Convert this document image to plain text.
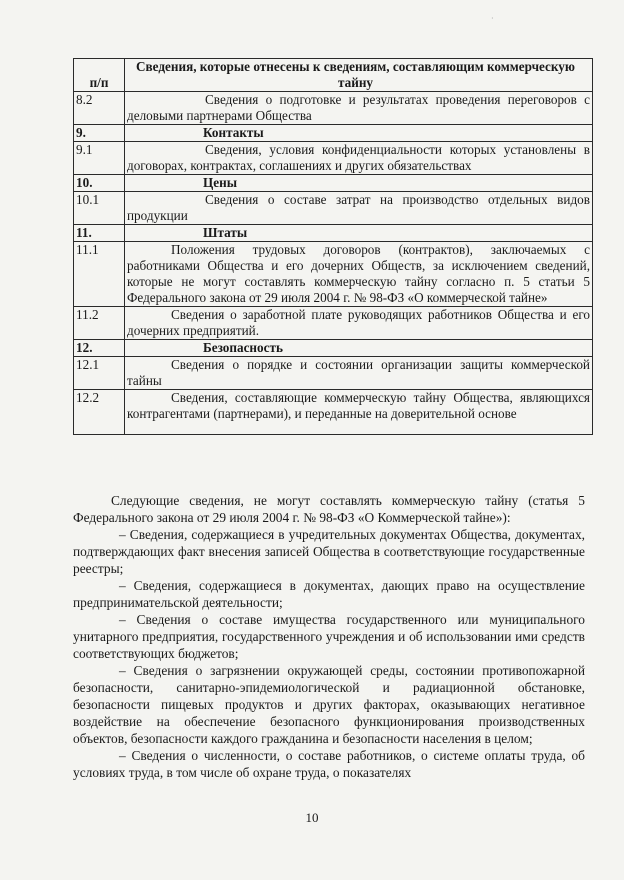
·
п/п	Сведения, которые отнесены к сведениям, составляющим коммерческую тайну
8.2	Сведения о подготовке и результатах проведения переговоров с деловыми партнерами Общества
9.	Контакты
9.1	Сведения, условия конфиденциальности которых установлены в договорах, контрактах, соглашениях и других обязательствах
10.	Цены
10.1	Сведения о составе затрат на производство отдельных видов продукции
11.	Штаты
11.1	Положения трудовых договоров (контрактов), заключаемых с работниками Общества и его дочерних Обществ, за исключением сведений, которые не могут составлять коммерческую тайну согласно п. 5 статьи 5 Федерального закона от 29 июля 2004 г. № 98-ФЗ «О коммерческой тайне»
11.2	Сведения о заработной плате руководящих работников Общества и его дочерних предприятий.
12.	Безопасность
12.1	Сведения о порядке и состоянии организации защиты коммерческой тайны
12.2	Сведения, составляющие коммерческую тайну Общества, являющихся контрагентами (партнерами), и переданные на доверительной основе

Следующие сведения, не могут составлять коммерческую тайну (статья 5 Федерального закона от 29 июля 2004 г. № 98-ФЗ «О Коммерческой тайне»):

– Сведения, содержащиеся в учредительных документах Общества, документах, подтверждающих факт внесения записей Общества в соответствующие государственные реестры;

– Сведения, содержащиеся в документах, дающих право на осуществление предпринимательской деятельности;

– Сведения о составе имущества государственного или муниципального унитарного предприятия, государственного учреждения и об использовании ими средств соответствующих бюджетов;

– Сведения о загрязнении окружающей среды, состоянии противопожарной безопасности, санитарно-эпидемиологической и радиационной обстановке, безопасности пищевых продуктов и других факторах, оказывающих негативное воздействие на обеспечение безопасного функционирования производственных объектов, безопасности каждого гражданина и безопасности населения в целом;

– Сведения о численности, о составе работников, о системе оплаты труда, об условиях труда, в том числе об охране труда, о показателях

10
